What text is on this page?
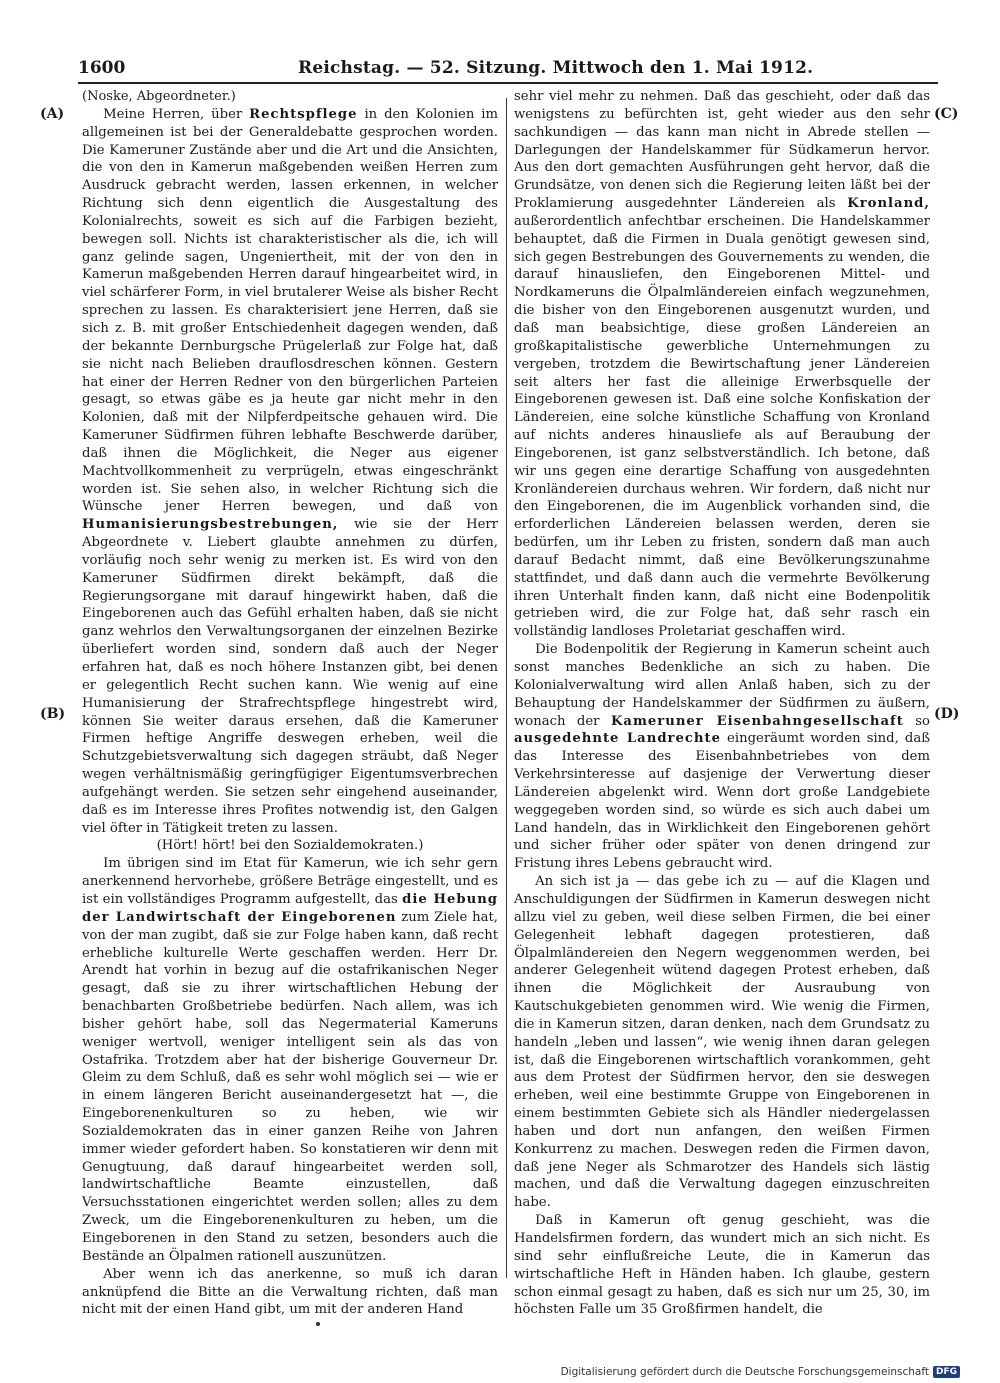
1600	Reichstag. — 52. Sitzung. Mittwoch den 1. Mai 1912.
(A)
(B)
(C)
(D)

(Noske, Abgeordneter.)

Meine Herren, über Rechtspflege in den Kolonien im allgemeinen ist bei der Generaldebatte gesprochen worden. Die Kameruner Zustände aber und die Art und die Ansichten, die von den in Kamerun maßgebenden weißen Herren zum Ausdruck gebracht werden, lassen erkennen, in welcher Richtung sich denn eigentlich die Ausgestaltung des Kolonialrechts, soweit es sich auf die Farbigen bezieht, bewegen soll. Nichts ist charakteristischer als die, ich will ganz gelinde sagen, Ungeniertheit, mit der von den in Kamerun maßgebenden Herren darauf hingearbeitet wird, in viel schärferer Form, in viel brutalerer Weise als bisher Recht sprechen zu lassen. Es charakterisiert jene Herren, daß sie sich z. B. mit großer Entschiedenheit dagegen wenden, daß der bekannte Dernburgsche Prügelerlaß zur Folge hat, daß sie nicht nach Belieben drauflosdreschen können. Gestern hat einer der Herren Redner von den bürgerlichen Parteien gesagt, so etwas gäbe es ja heute gar nicht mehr in den Kolonien, daß mit der Nilpferdpeitsche gehauen wird. Die Kameruner Südfirmen führen lebhafte Beschwerde darüber, daß ihnen die Möglichkeit, die Neger aus eigener Machtvollkommenheit zu verprügeln, etwas eingeschränkt worden ist. Sie sehen also, in welcher Richtung sich die Wünsche jener Herren bewegen, und daß von Humanisierungsbestrebungen, wie sie der Herr Abgeordnete v. Liebert glaubte annehmen zu dürfen, vorläufig noch sehr wenig zu merken ist. Es wird von den Kameruner Südfirmen direkt bekämpft, daß die Regierungsorgane mit darauf hingewirkt haben, daß die Eingeborenen auch das Gefühl erhalten haben, daß sie nicht ganz wehrlos den Verwaltungsorganen der einzelnen Bezirke überliefert worden sind, sondern daß auch der Neger erfahren hat, daß es noch höhere Instanzen gibt, bei denen er gelegentlich Recht suchen kann. Wie wenig auf eine Humanisierung der Strafrechtspflege hingestrebt wird, können Sie weiter daraus ersehen, daß die Kameruner Firmen heftige Angriffe deswegen erheben, weil die Schutzgebietsverwaltung sich dagegen sträubt, daß Neger wegen verhältnismäßig geringfügiger Eigentumsverbrechen aufgehängt werden. Sie setzen sehr eingehend auseinander, daß es im Interesse ihres Profites notwendig ist, den Galgen viel öfter in Tätigkeit treten zu lassen.

(Hört! hört! bei den Sozialdemokraten.)

Im übrigen sind im Etat für Kamerun, wie ich sehr gern anerkennend hervorhebe, größere Beträge eingestellt, und es ist ein vollständiges Programm aufgestellt, das die Hebung der Landwirtschaft der Eingeborenen zum Ziele hat, von der man zugibt, daß sie zur Folge haben kann, daß recht erhebliche kulturelle Werte geschaffen werden. Herr Dr. Arendt hat vorhin in bezug auf die ostafrikanischen Neger gesagt, daß sie zu ihrer wirtschaftlichen Hebung der benachbarten Großbetriebe bedürfen. Nach allem, was ich bisher gehört habe, soll das Negermaterial Kameruns weniger wertvoll, weniger intelligent sein als das von Ostafrika. Trotzdem aber hat der bisherige Gouverneur Dr. Gleim zu dem Schluß, daß es sehr wohl möglich sei — wie er in einem längeren Bericht auseinandergesetzt hat —, die Eingeborenenkulturen so zu heben, wie wir Sozialdemokraten das in einer ganzen Reihe von Jahren immer wieder gefordert haben. So konstatieren wir denn mit Genugtuung, daß darauf hingearbeitet werden soll, landwirtschaftliche Beamte einzustellen, daß Versuchsstationen eingerichtet werden sollen; alles zu dem Zweck, um die Eingeborenenkulturen zu heben, um die Eingeborenen in den Stand zu setzen, besonders auch die Bestände an Ölpalmen rationell auszunützen.

Aber wenn ich das anerkenne, so muß ich daran anknüpfend die Bitte an die Verwaltung richten, daß man nicht mit der einen Hand gibt, um mit der anderen Hand

sehr viel mehr zu nehmen. Daß das geschieht, oder daß das wenigstens zu befürchten ist, geht wieder aus den sehr sachkundigen — das kann man nicht in Abrede stellen — Darlegungen der Handelskammer für Südkamerun hervor. Aus den dort gemachten Ausführungen geht hervor, daß die Grundsätze, von denen sich die Regierung leiten läßt bei der Proklamierung ausgedehnter Ländereien als Kronland, außerordentlich anfechtbar erscheinen. Die Handelskammer behauptet, daß die Firmen in Duala genötigt gewesen sind, sich gegen Bestrebungen des Gouvernements zu wenden, die darauf hinausliefen, den Eingeborenen Mittel- und Nordkameruns die Ölpalmländereien einfach wegzunehmen, die bisher von den Eingeborenen ausgenutzt wurden, und daß man beabsichtige, diese großen Ländereien an großkapitalistische gewerbliche Unternehmungen zu vergeben, trotzdem die Bewirtschaftung jener Ländereien seit alters her fast die alleinige Erwerbsquelle der Eingeborenen gewesen ist. Daß eine solche Konfiskation der Ländereien, eine solche künstliche Schaffung von Kronland auf nichts anderes hinausliefe als auf Beraubung der Eingeborenen, ist ganz selbstverständlich. Ich betone, daß wir uns gegen eine derartige Schaffung von ausgedehnten Kronländereien durchaus wehren. Wir fordern, daß nicht nur den Eingeborenen, die im Augenblick vorhanden sind, die erforderlichen Ländereien belassen werden, deren sie bedürfen, um ihr Leben zu fristen, sondern daß man auch darauf Bedacht nimmt, daß eine Bevölkerungszunahme stattfindet, und daß dann auch die vermehrte Bevölkerung ihren Unterhalt finden kann, daß nicht eine Bodenpolitik getrieben wird, die zur Folge hat, daß sehr rasch ein vollständig landloses Proletariat geschaffen wird.

Die Bodenpolitik der Regierung in Kamerun scheint auch sonst manches Bedenkliche an sich zu haben. Die Kolonialverwaltung wird allen Anlaß haben, sich zu der Behauptung der Handelskammer der Südfirmen zu äußern, wonach der Kameruner Eisenbahngesellschaft so ausgedehnte Landrechte eingeräumt worden sind, daß das Interesse des Eisenbahnbetriebes von dem Verkehrsinteresse auf dasjenige der Verwertung dieser Ländereien abgelenkt wird. Wenn dort große Landgebiete weggegeben worden sind, so würde es sich auch dabei um Land handeln, das in Wirklichkeit den Eingeborenen gehört und sicher früher oder später von denen dringend zur Fristung ihres Lebens gebraucht wird.

An sich ist ja — das gebe ich zu — auf die Klagen und Anschuldigungen der Südfirmen in Kamerun deswegen nicht allzu viel zu geben, weil diese selben Firmen, die bei einer Gelegenheit lebhaft dagegen protestieren, daß Ölpalmländereien den Negern weggenommen werden, bei anderer Gelegenheit wütend dagegen Protest erheben, daß ihnen die Möglichkeit der Ausraubung von Kautschukgebieten genommen wird. Wie wenig die Firmen, die in Kamerun sitzen, daran denken, nach dem Grundsatz zu handeln „leben und lassen“, wie wenig ihnen daran gelegen ist, daß die Eingeborenen wirtschaftlich vorankommen, geht aus dem Protest der Südfirmen hervor, den sie deswegen erheben, weil eine bestimmte Gruppe von Eingeborenen in einem bestimmten Gebiete sich als Händler niedergelassen haben und dort nun anfangen, den weißen Firmen Konkurrenz zu machen. Deswegen reden die Firmen davon, daß jene Neger als Schmarotzer des Handels sich lästig machen, und daß die Verwaltung dagegen einzuschreiten habe.

Daß in Kamerun oft genug geschieht, was die Handelsfirmen fordern, das wundert mich an sich nicht. Es sind sehr einflußreiche Leute, die in Kamerun das wirtschaftliche Heft in Händen haben. Ich glaube, gestern schon einmal gesagt zu haben, daß es sich nur um 25, 30, im höchsten Falle um 35 Großfirmen handelt, die

Digitalisierung gefördert durch die Deutsche Forschungsgemeinschaft DFG
